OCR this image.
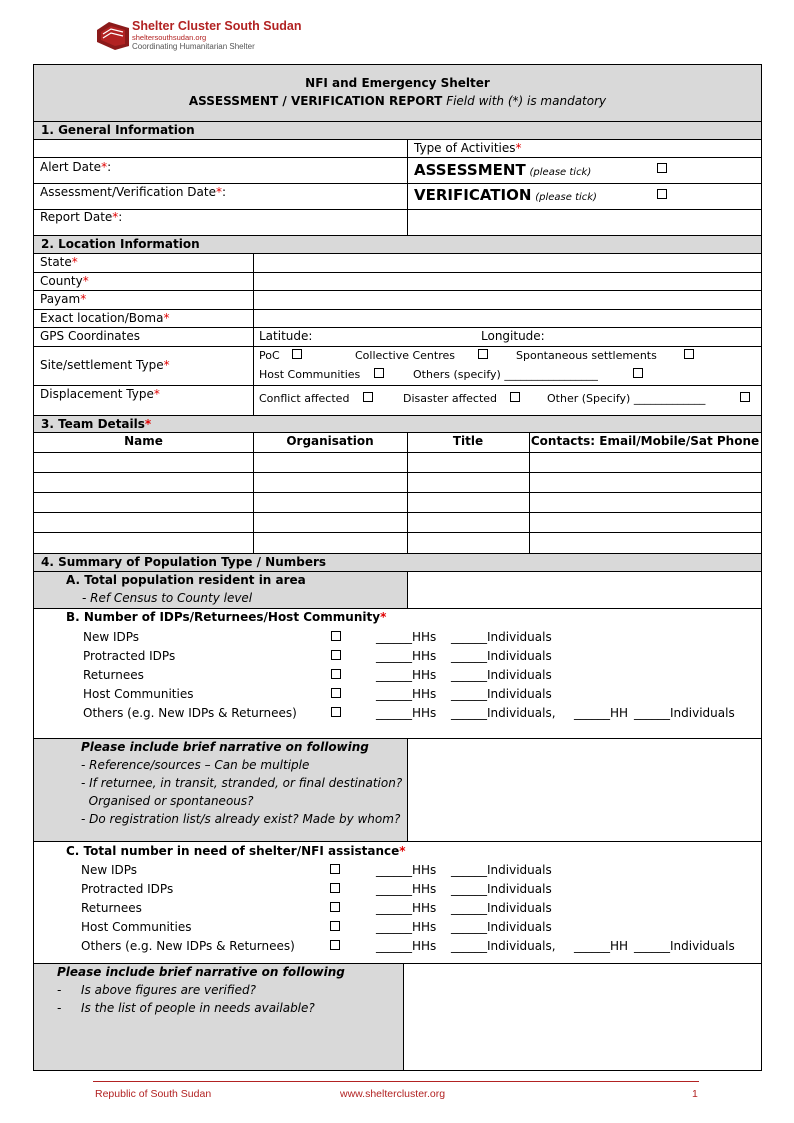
Shelter Cluster South Sudan
sheltersouthsudan.org
Coordinating Humanitarian Shelter
NFI and Emergency Shelter
ASSESSMENT / VERIFICATION REPORT Field with (*) is mandatory
1. General Information
Type of Activities*
Alert Date*:	ASSESSMENT (please tick)
Assessment/Verification Date*:	VERIFICATION (please tick)
Report Date*:
2. Location Information
State*
County*
Payam*
Exact location/Boma*
GPS Coordinates	Latitude:	Longitude:
Site/settlement Type*
PoC	Collective Centres	Spontaneous settlements
Host Communities	Others (specify) _________________
Displacement Type*	Conflict affected	Disaster affected	Other (Specify) _____________
3. Team Details*
Name	Organisation	Title	Contacts: Email/Mobile/Sat Phone
4. Summary of Population Type / Numbers
A. Total population resident in area
- Ref Census to County level
B. Number of IDPs/Returnees/Host Community*
New IDPs	______HHs ______Individuals
Protracted IDPs	______HHs ______Individuals
Returnees	______HHs ______Individuals
Host Communities	______HHs ______Individuals
Others (e.g. New IDPs & Returnees)	______HHs ______Individuals, ______HH ______Individuals
Please include brief narrative on following
- Reference/sources – Can be multiple
- If returnee, in transit, stranded, or final destination?
Organised or spontaneous?
- Do registration list/s already exist? Made by whom?
C. Total number in need of shelter/NFI assistance*
New IDPs	______HHs ______Individuals
Protracted IDPs	______HHs ______Individuals
Returnees	______HHs ______Individuals
Host Communities	______HHs ______Individuals
Others (e.g. New IDPs & Returnees)	______HHs ______Individuals, ______HH ______Individuals
Please include brief narrative on following
- Is above figures are verified?
- Is the list of people in needs available?
Republic of South Sudan	www.sheltercluster.org	1
